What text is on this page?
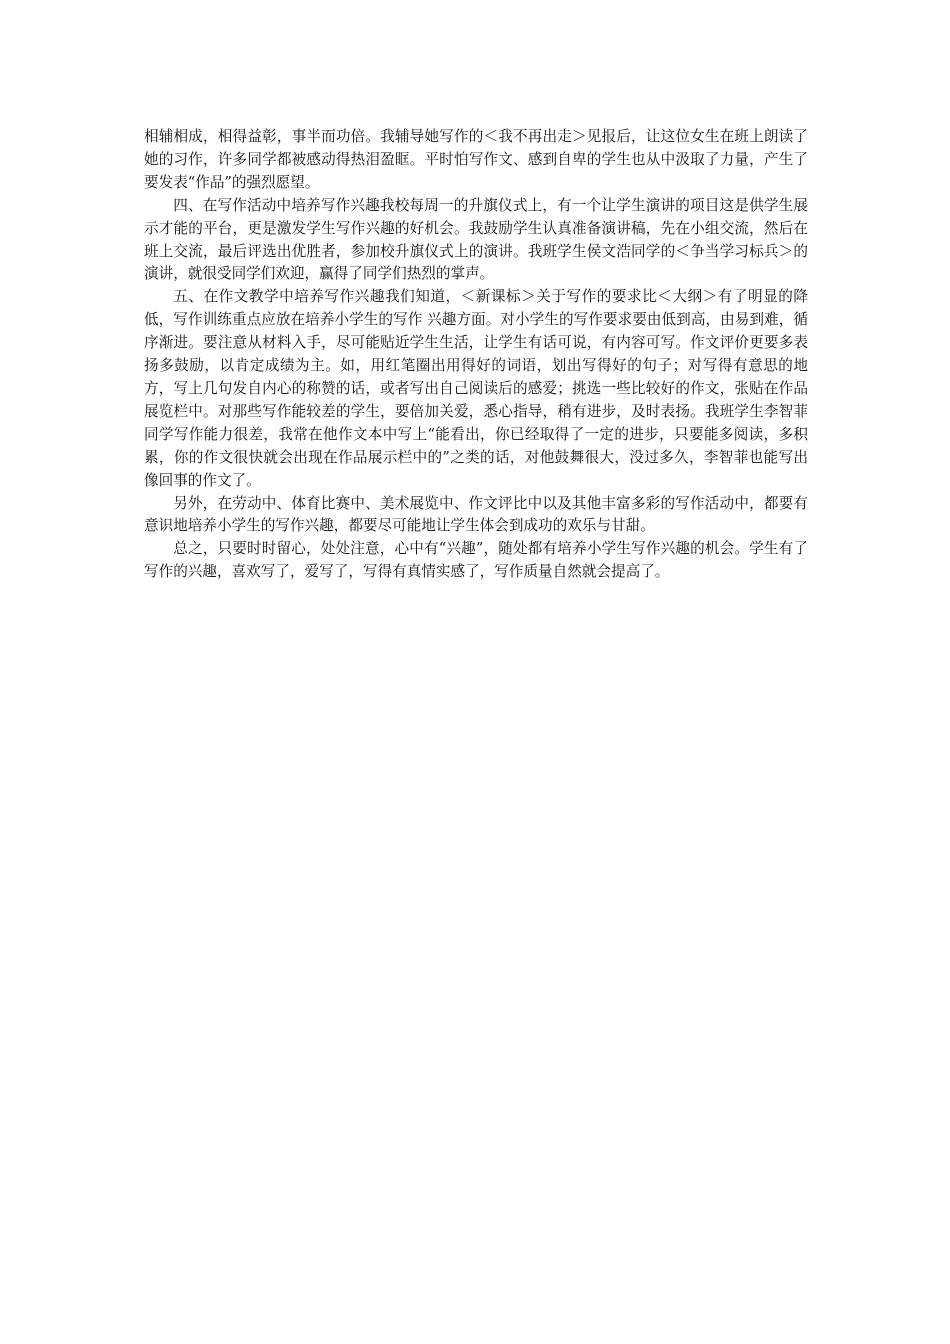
相辅相成，相得益彰，事半而功倍。我辅导她写作的＜我不再出走＞见报后，让这位女生在班上朗读了她的习作，许多同学都被感动得热泪盈眶。平时怕写作文、感到自卑的学生也从中汲取了力量，产生了要发表“作品”的强烈愿望。

四、在写作活动中培养写作兴趣我校每周一的升旗仪式上，有一个让学生演讲的项目这是供学生展示才能的平台，更是激发学生写作兴趣的好机会。我鼓励学生认真准备演讲稿，先在小组交流，然后在班上交流，最后评选出优胜者，参加校升旗仪式上的演讲。我班学生侯文浩同学的＜争当学习标兵＞的演讲，就很受同学们欢迎，赢得了同学们热烈的掌声。

五、在作文教学中培养写作兴趣我们知道，＜新课标＞关于写作的要求比＜大纲＞有了明显的降低，写作训练重点应放在培养小学生的写作 兴趣方面。对小学生的写作要求要由低到高，由易到难，循序渐进。要注意从材料入手，尽可能贴近学生生活，让学生有话可说，有内容可写。作文评价更要多表扬多鼓励，以肯定成绩为主。如，用红笔圈出用得好的词语，划出写得好的句子；对写得有意思的地方，写上几句发自内心的称赞的话，或者写出自己阅读后的感爱；挑选一些比较好的作文，张贴在作品展览栏中。对那些写作能较差的学生，要倍加关爱，悉心指导，稍有进步，及时表扬。我班学生李智菲同学写作能力很差，我常在他作文本中写上“能看出，你已经取得了一定的进步，只要能多阅读，多积累，你的作文很快就会出现在作品展示栏中的”之类的话，对他鼓舞很大，没过多久，李智菲也能写出像回事的作文了。

另外，在劳动中、体育比赛中、美术展览中、作文评比中以及其他丰富多彩的写作活动中，都要有意识地培养小学生的写作兴趣，都要尽可能地让学生体会到成功的欢乐与甘甜。

总之，只要时时留心，处处注意，心中有“兴趣”，随处都有培养小学生写作兴趣的机会。学生有了写作的兴趣，喜欢写了，爱写了，写得有真情实感了，写作质量自然就会提高了。
